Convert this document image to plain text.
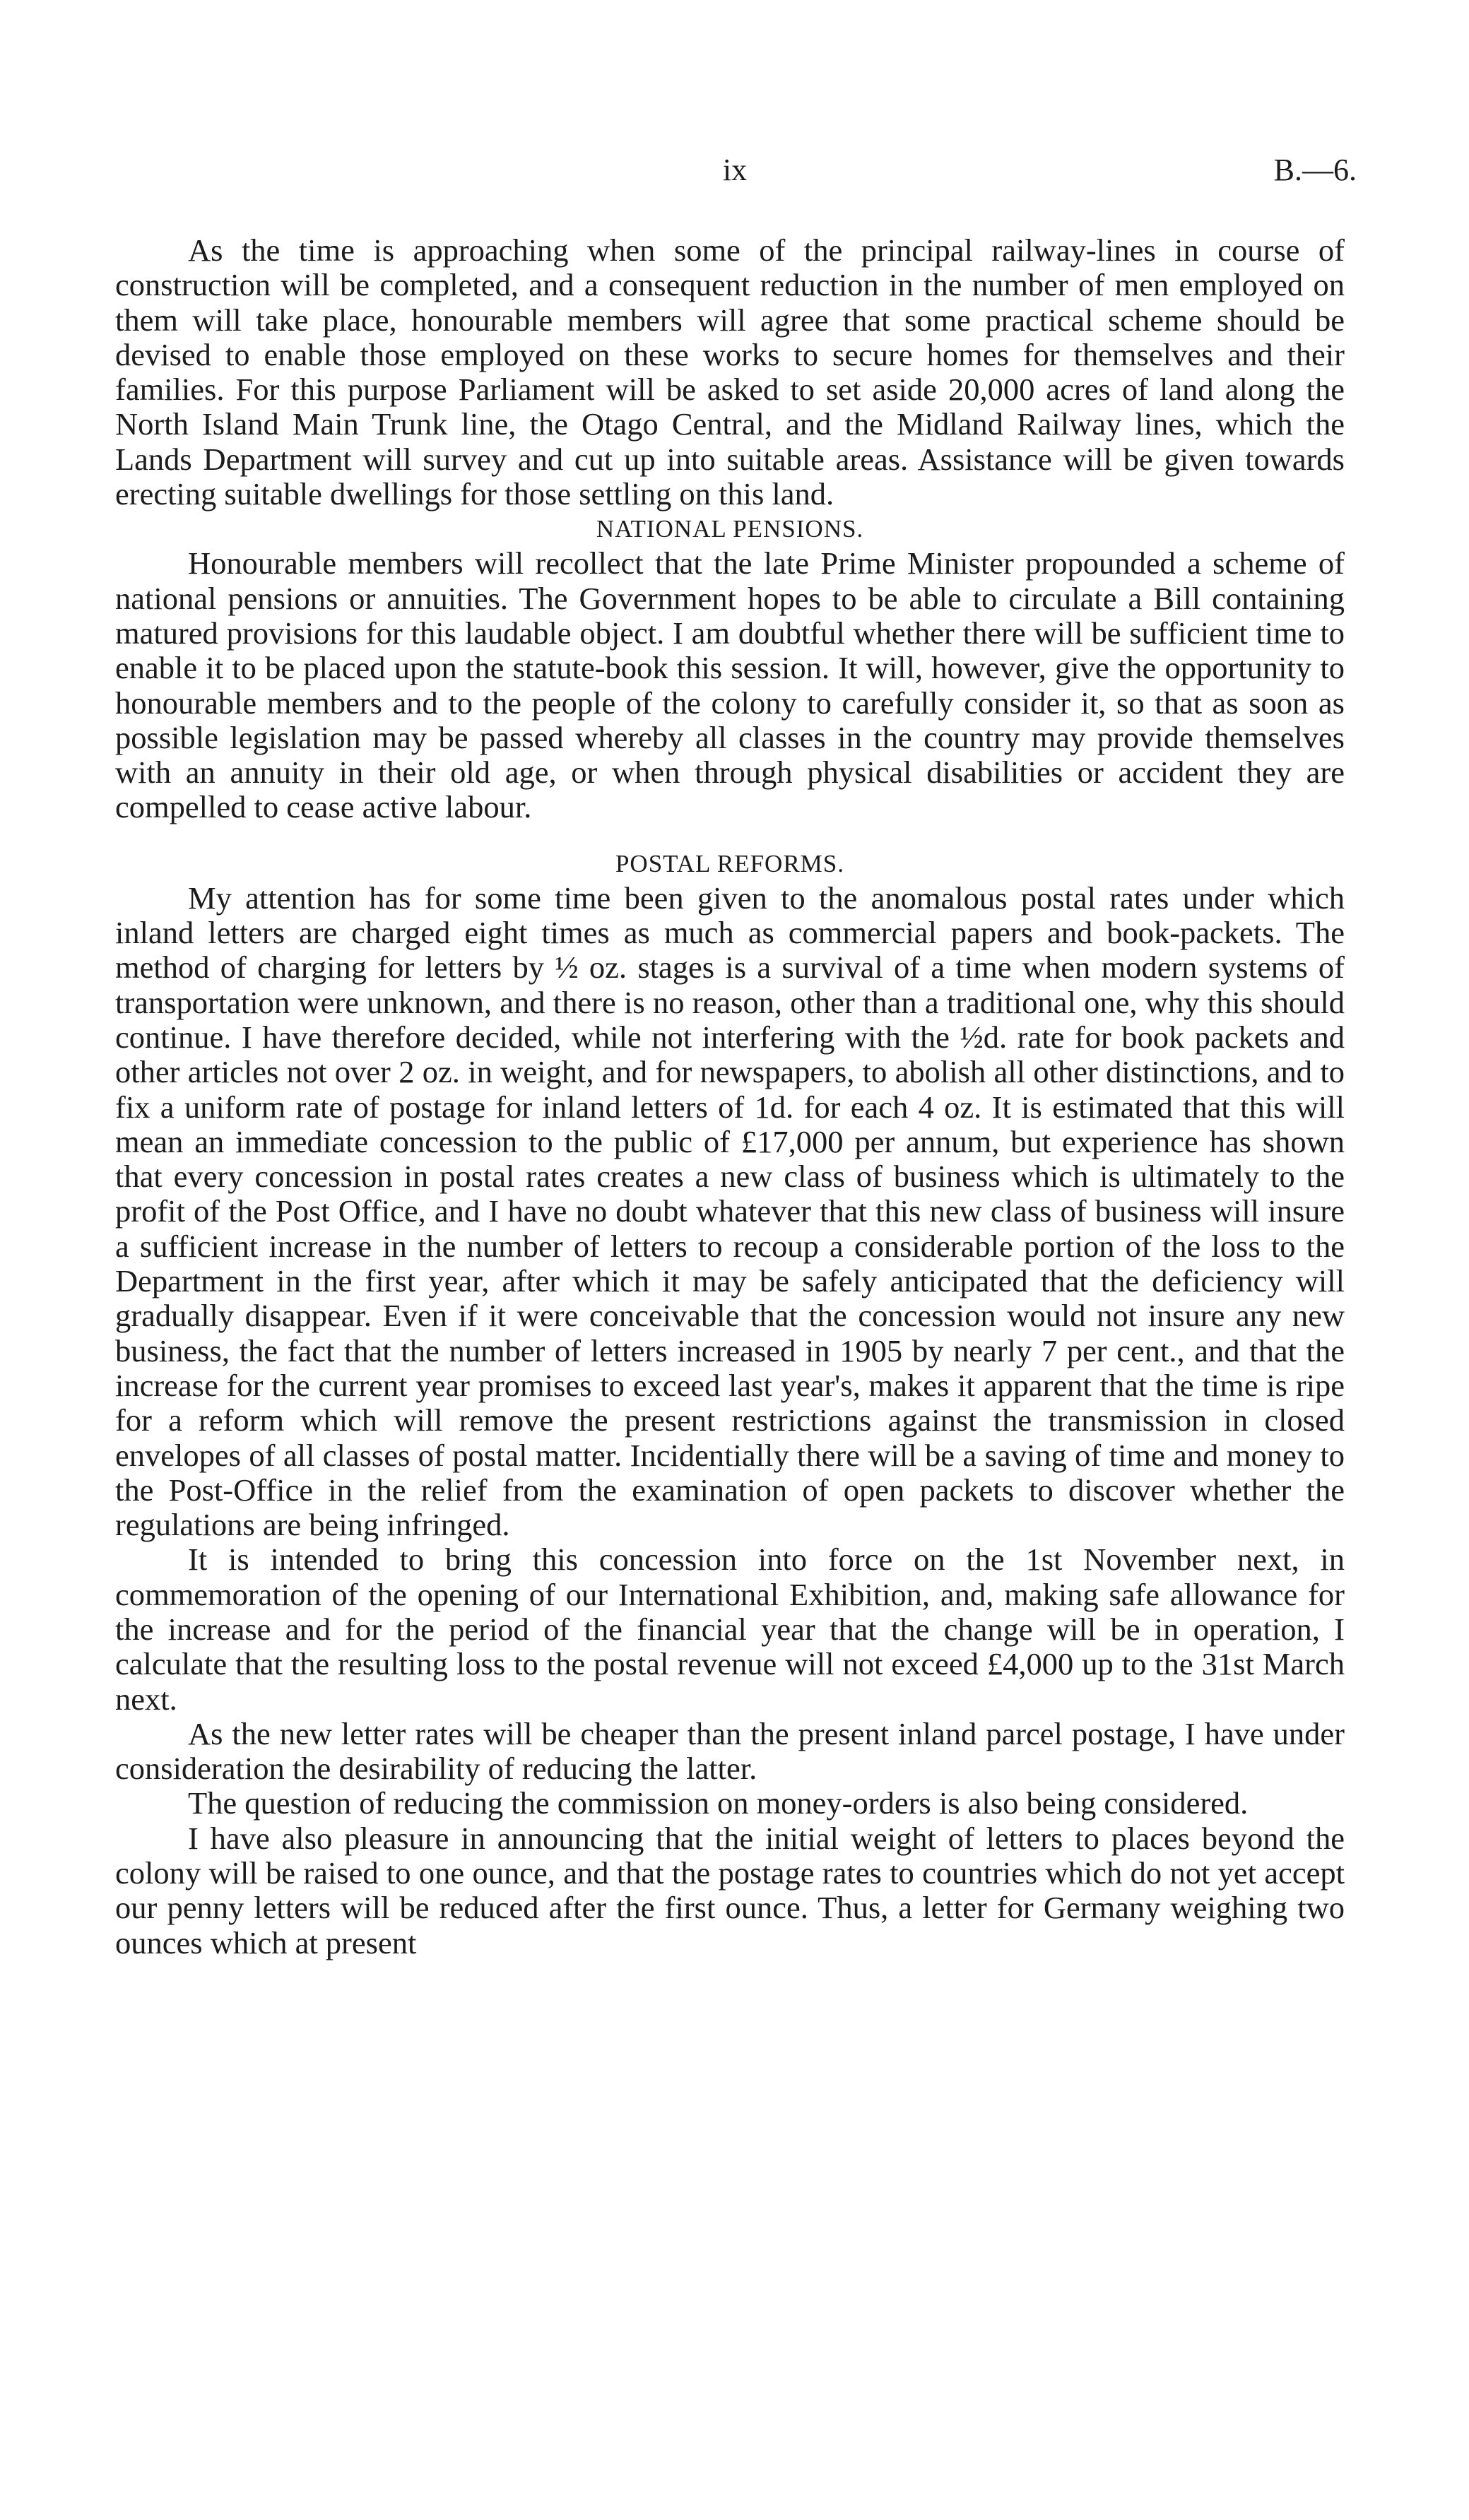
ix	B.—6.

As the time is approaching when some of the principal railway-lines in course of construction will be completed, and a consequent reduction in the number of men employed on them will take place, honourable members will agree that some practical scheme should be devised to enable those employed on these works to secure homes for themselves and their families. For this purpose Parliament will be asked to set aside 20,000 acres of land along the North Island Main Trunk line, the Otago Central, and the Midland Railway lines, which the Lands Department will survey and cut up into suitable areas. Assistance will be given towards erecting suitable dwellings for those settling on this land.

NATIONAL PENSIONS.

Honourable members will recollect that the late Prime Minister propounded a scheme of national pensions or annuities. The Government hopes to be able to circulate a Bill containing matured provisions for this laudable object. I am doubtful whether there will be sufficient time to enable it to be placed upon the statute-book this session. It will, however, give the opportunity to honourable members and to the people of the colony to carefully consider it, so that as soon as possible legislation may be passed whereby all classes in the country may provide themselves with an annuity in their old age, or when through physical disabilities or accident they are compelled to cease active labour.

POSTAL REFORMS.

My attention has for some time been given to the anomalous postal rates under which inland letters are charged eight times as much as commercial papers and book-packets. The method of charging for letters by ½ oz. stages is a survival of a time when modern systems of transportation were unknown, and there is no reason, other than a traditional one, why this should continue. I have therefore decided, while not interfering with the ½d. rate for book packets and other articles not over 2 oz. in weight, and for newspapers, to abolish all other distinctions, and to fix a uniform rate of postage for inland letters of 1d. for each 4 oz. It is estimated that this will mean an immediate concession to the public of £17,000 per annum, but experience has shown that every concession in postal rates creates a new class of business which is ultimately to the profit of the Post Office, and I have no doubt whatever that this new class of business will insure a sufficient increase in the number of letters to recoup a considerable portion of the loss to the Department in the first year, after which it may be safely anticipated that the deficiency will gradually disappear. Even if it were conceivable that the concession would not insure any new business, the fact that the number of letters increased in 1905 by nearly 7 per cent., and that the increase for the current year promises to exceed last year's, makes it apparent that the time is ripe for a reform which will remove the present restrictions against the transmission in closed envelopes of all classes of postal matter. Incidentially there will be a saving of time and money to the Post-Office in the relief from the examination of open packets to discover whether the regulations are being infringed.

It is intended to bring this concession into force on the 1st November next, in commemoration of the opening of our International Exhibition, and, making safe allowance for the increase and for the period of the financial year that the change will be in operation, I calculate that the resulting loss to the postal revenue will not exceed £4,000 up to the 31st March next.

As the new letter rates will be cheaper than the present inland parcel postage, I have under consideration the desirability of reducing the latter.

The question of reducing the commission on money-orders is also being considered.

I have also pleasure in announcing that the initial weight of letters to places beyond the colony will be raised to one ounce, and that the postage rates to countries which do not yet accept our penny letters will be reduced after the first ounce. Thus, a letter for Germany weighing two ounces which at present
